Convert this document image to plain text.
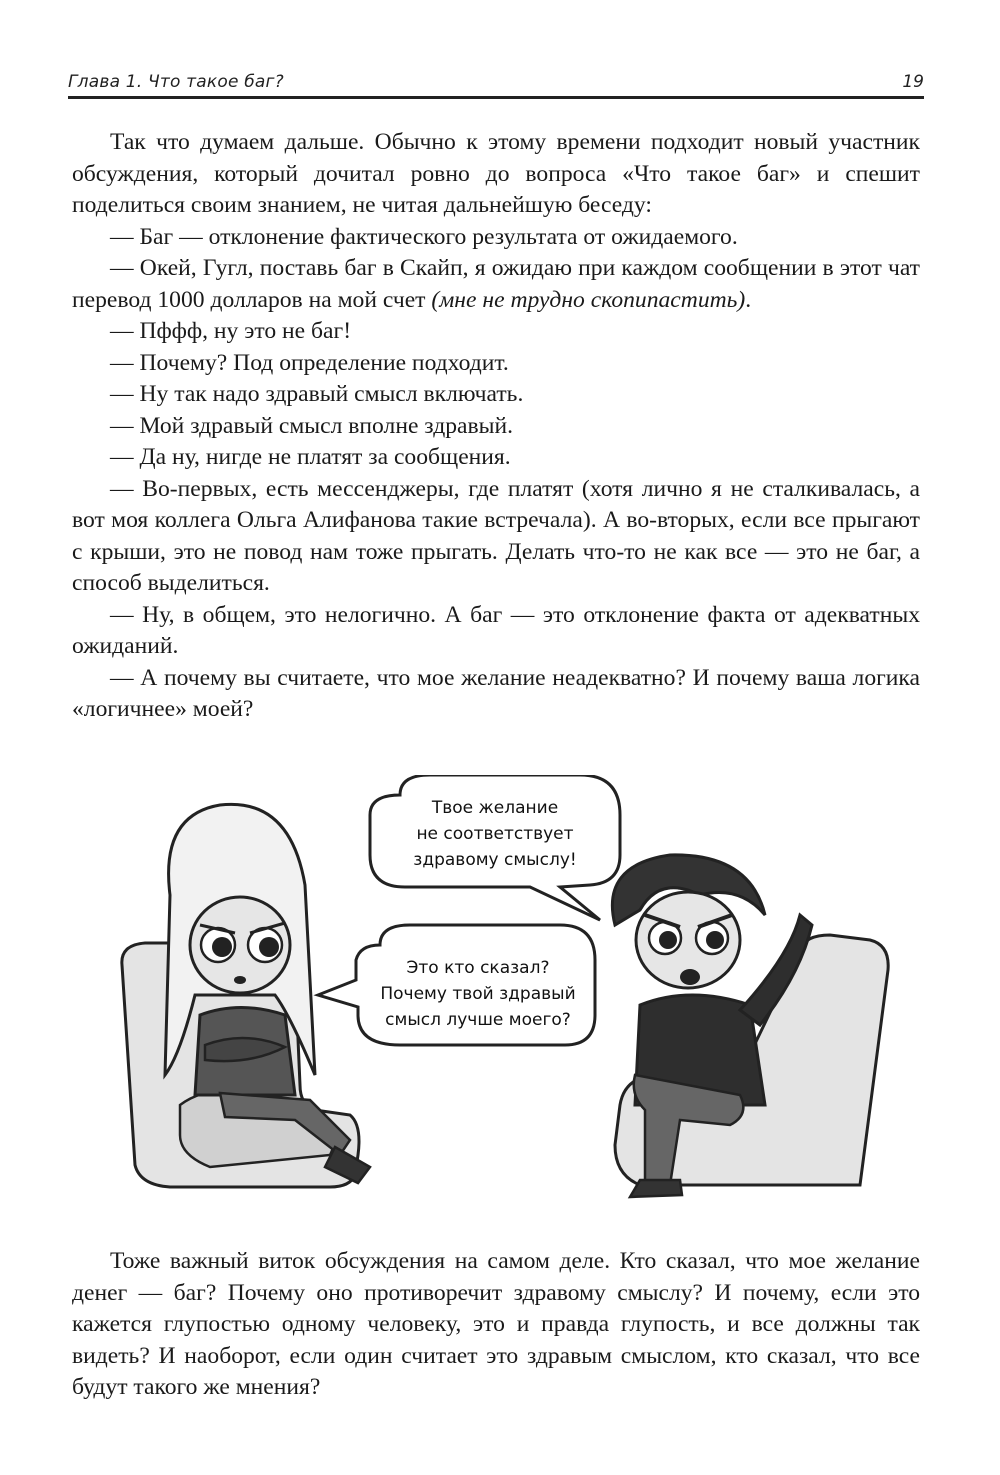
Глава 1. Что такое баг?	19

Так что думаем дальше. Обычно к этому времени подходит новый участник обсуждения, который дочитал ровно до вопроса «Что такое баг» и спешит поделиться своим знанием, не читая дальнейшую беседу:

— Баг — отклонение фактического результата от ожидаемого.

— Окей, Гугл, поставь баг в Скайп, я ожидаю при каждом сообщении в этот чат перевод 1000 долларов на мой счет (мне не трудно скопипастить).

— Пффф, ну это не баг!

— Почему? Под определение подходит.

— Ну так надо здравый смысл включать.

— Мой здравый смысл вполне здравый.

— Да ну, нигде не платят за сообщения.

— Во-первых, есть мессенджеры, где платят (хотя лично я не сталкивалась, а вот моя коллега Ольга Алифанова такие встречала). А во-вторых, если все прыгают с крыши, это не повод нам тоже прыгать. Делать что-то не как все — это не баг, а способ выделиться.

— Ну, в общем, это нелогично. А баг — это отклонение факта от адекватных ожиданий.

— А почему вы считаете, что мое желание неадекватно? И почему ваша логика «логичнее» моей?

Твое желание
не соответствует
здравому смыслу!
Это кто сказал?
Почему твой здравый
смысл лучше моего?

Тоже важный виток обсуждения на самом деле. Кто сказал, что мое желание денег — баг? Почему оно противоречит здравому смыслу? И почему, если это кажется глупостью одному человеку, это и правда глупость, и все должны так видеть? И наоборот, если один считает это здравым смыслом, кто сказал, что все будут такого же мнения?
